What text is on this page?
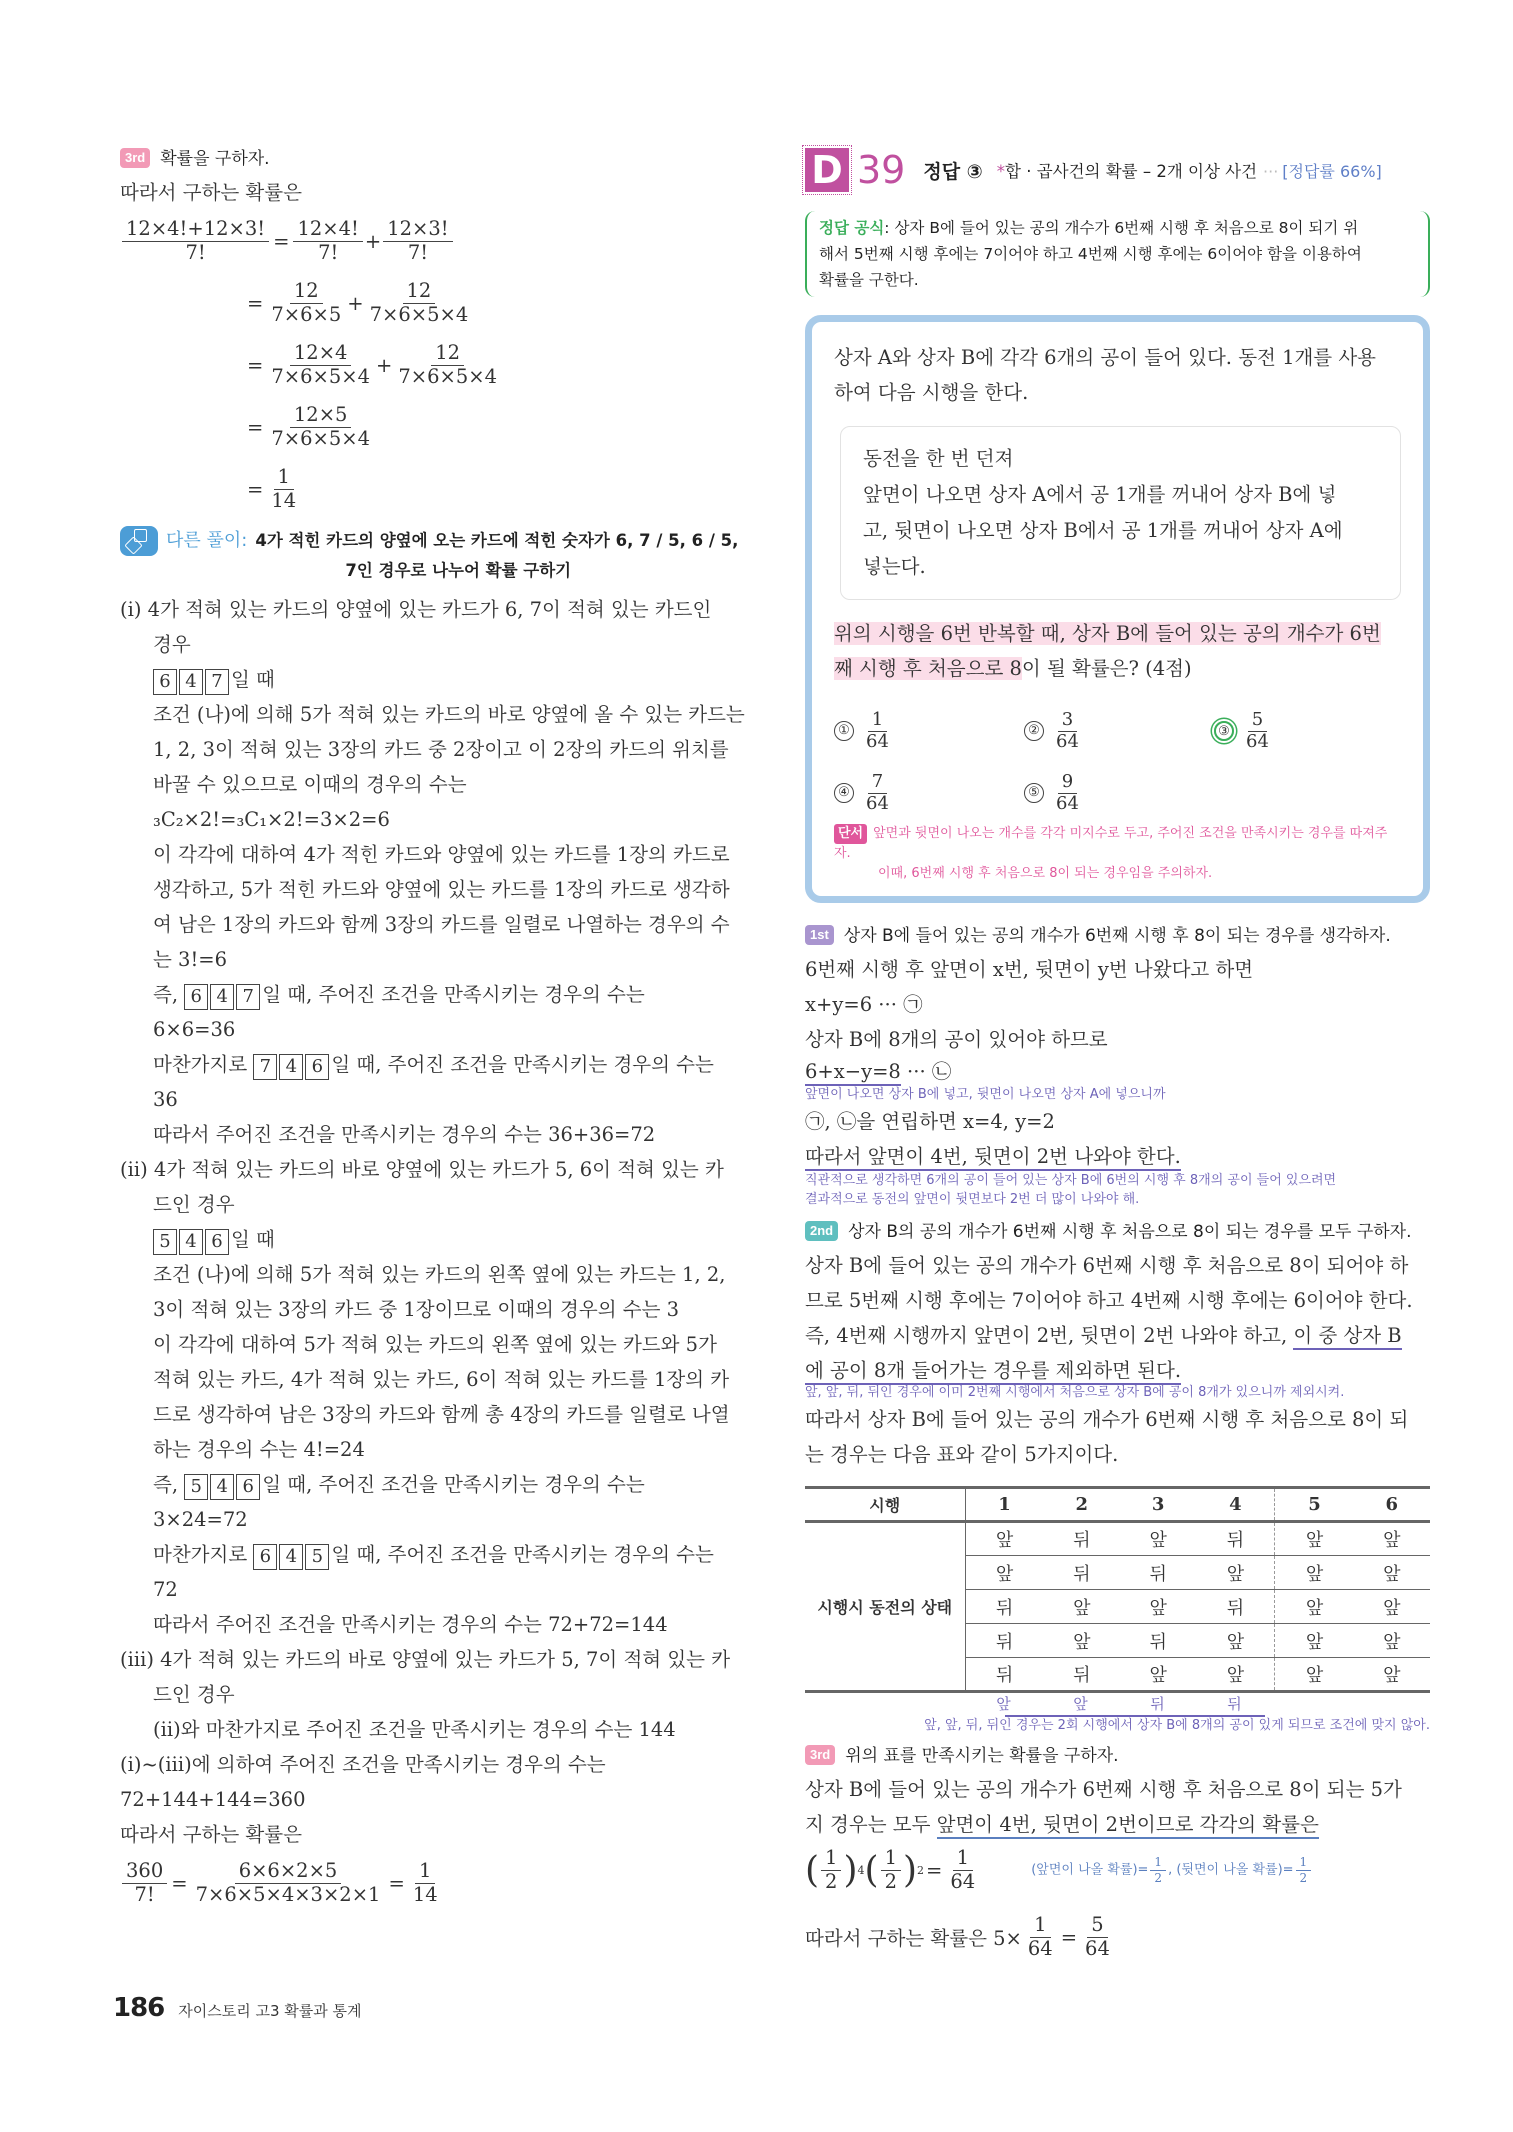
3rd 확률을 구하자.
따라서 구하는 확률은
$\frac{12\times 4!+12\times 3!}{7!} = \frac{12\times 4!}{7!} + \frac{12\times 3!}{7!}$
= $\frac{12}{7\times 6\times 5} + \frac{12}{7\times 6\times 5\times 4}$
= $\frac{12\times 4}{7\times 6\times 5\times 4} + \frac{12}{7\times 6\times 5\times 4}$
= $\frac{12\times 5}{7\times 6\times 5\times 4}$
= $\frac{1}{14}$
다른 풀이: 4가 적힌 카드의 양옆에 오는 카드에 적힌 숫자가 6, 7 / 5, 6 / 5,
7인 경우로 나누어 확률 구하기
(ⅰ) 4가 적혀 있는 카드의 양옆에 있는 카드가 6, 7이 적혀 있는 카드인
경우
6 4 7 일 때
조건 (나)에 의해 5가 적혀 있는 카드의 바로 양옆에 올 수 있는 카드는
1, 2, 3이 적혀 있는 3장의 카드 중 2장이고 이 2장의 카드의 위치를
바꿀 수 있으므로 이때의 경우의 수는
₃C₂×2!=₃C₁×2!=3×2=6
이 각각에 대하여 4가 적힌 카드와 양옆에 있는 카드를 1장의 카드로
생각하고, 5가 적힌 카드와 양옆에 있는 카드를 1장의 카드로 생각하
여 남은 1장의 카드와 함께 3장의 카드를 일렬로 나열하는 경우의 수
는 3!=6
즉, 6 4 7 일 때, 주어진 조건을 만족시키는 경우의 수는
6×6=36
마찬가지로 7 4 6 일 때, 주어진 조건을 만족시키는 경우의 수는
36
따라서 주어진 조건을 만족시키는 경우의 수는 36+36=72
(ⅱ) 4가 적혀 있는 카드의 바로 양옆에 있는 카드가 5, 6이 적혀 있는 카
드인 경우
5 4 6 일 때
조건 (나)에 의해 5가 적혀 있는 카드의 왼쪽 옆에 있는 카드는 1, 2,
3이 적혀 있는 3장의 카드 중 1장이므로 이때의 경우의 수는 3
이 각각에 대하여 5가 적혀 있는 카드의 왼쪽 옆에 있는 카드와 5가
적혀 있는 카드, 4가 적혀 있는 카드, 6이 적혀 있는 카드를 1장의 카
드로 생각하여 남은 3장의 카드와 함께 총 4장의 카드를 일렬로 나열
하는 경우의 수는 4!=24
즉, 5 4 6 일 때, 주어진 조건을 만족시키는 경우의 수는
3×24=72
마찬가지로 6 4 5 일 때, 주어진 조건을 만족시키는 경우의 수는
72
따라서 주어진 조건을 만족시키는 경우의 수는 72+72=144
(ⅲ) 4가 적혀 있는 카드의 바로 양옆에 있는 카드가 5, 7이 적혀 있는 카
드인 경우
(ⅱ)와 마찬가지로 주어진 조건을 만족시키는 경우의 수는 144
(ⅰ)~(ⅲ)에 의하여 주어진 조건을 만족시키는 경우의 수는
72+144+144=360
따라서 구하는 확률은
$\frac{360}{7!} = \frac{6\times 6\times 2\times 5}{7\times 6\times 5\times 4\times 3\times 2\times 1} = \frac{1}{14}$
186 자이스토리 고3 확률과 통계
D 39 정답 ③ *합 · 곱사건의 확률 – 2개 이상 사건 ··· [정답률 66%]
정답 공식: 상자 B에 들어 있는 공의 개수가 6번째 시행 후 처음으로 8이 되기 위
해서 5번째 시행 후에는 7이어야 하고 4번째 시행 후에는 6이어야 함을 이용하여
확률을 구한다.
상자 A와 상자 B에 각각 6개의 공이 들어 있다. 동전 1개를 사용
하여 다음 시행을 한다.
동전을 한 번 던져
앞면이 나오면 상자 A에서 공 1개를 꺼내어 상자 B에 넣
고, 뒷면이 나오면 상자 B에서 공 1개를 꺼내어 상자 A에
넣는다.
위의 시행을 6번 반복할 때, 상자 B에 들어 있는 공의 개수가 6번
째 시행 후 처음으로 8이 될 확률은? (4점)
① $\frac{1}{64}$	② $\frac{3}{64}$	③ $\frac{5}{64}$
④ $\frac{7}{64}$	⑤ $\frac{9}{64}$
단서 앞면과 뒷면이 나오는 개수를 각각 미지수로 두고, 주어진 조건을 만족시키는 경우를 따져주자.
이때, 6번째 시행 후 처음으로 8이 되는 경우임을 주의하자.
1st 상자 B에 들어 있는 공의 개수가 6번째 시행 후 8이 되는 경우를 생각하자.
6번째 시행 후 앞면이 x번, 뒷면이 y번 나왔다고 하면
x+y=6 ··· ㉠
상자 B에 8개의 공이 있어야 하므로
6+x−y=8 ··· ㉡
앞면이 나오면 상자 B에 넣고, 뒷면이 나오면 상자 A에 넣으니까
㉠, ㉡을 연립하면 x=4, y=2
따라서 앞면이 4번, 뒷면이 2번 나와야 한다.
직관적으로 생각하면 6개의 공이 들어 있는 상자 B에 6번의 시행 후 8개의 공이 들어 있으려면
결과적으로 동전의 앞면이 뒷면보다 2번 더 많이 나와야 해.
2nd 상자 B의 공의 개수가 6번째 시행 후 처음으로 8이 되는 경우를 모두 구하자.
상자 B에 들어 있는 공의 개수가 6번째 시행 후 처음으로 8이 되어야 하
므로 5번째 시행 후에는 7이어야 하고 4번째 시행 후에는 6이어야 한다.
즉, 4번째 시행까지 앞면이 2번, 뒷면이 2번 나와야 하고, 이 중 상자 B
에 공이 8개 들어가는 경우를 제외하면 된다.
앞, 앞, 뒤, 뒤인 경우에 이미 2번째 시행에서 처음으로 상자 B에 공이 8개가 있으니까 제외시켜.
따라서 상자 B에 들어 있는 공의 개수가 6번째 시행 후 처음으로 8이 되
는 경우는 다음 표와 같이 5가지이다.
시행	1	2	3	4	5	6
시행시 동전의 상태	앞	뒤	앞	뒤	앞	앞
	앞	뒤	뒤	앞	앞	앞
	뒤	앞	앞	뒤	앞	앞
	뒤	앞	뒤	앞	앞	앞
	뒤	뒤	앞	앞	앞	앞
앞	앞	뒤	뒤
앞, 앞, 뒤, 뒤인 경우는 2회 시행에서 상자 B에 8개의 공이 있게 되므로 조건에 맞지 않아.
3rd 위의 표를 만족시키는 확률을 구하자.
상자 B에 들어 있는 공의 개수가 6번째 시행 후 처음으로 8이 되는 5가
지 경우는 모두 앞면이 4번, 뒷면이 2번이므로 각각의 확률은
( $\frac{1}{2}$ ) 4 ( $\frac{1}{2}$ ) $2 = \frac{1}{64}$	(앞면이 나올 확률)= $\frac{1}{2}$ , (뒷면이 나올 확률)= $\frac{1}{2}$
따라서 구하는 확률은 $5\times \frac{1}{64} = \frac{5}{64}$
